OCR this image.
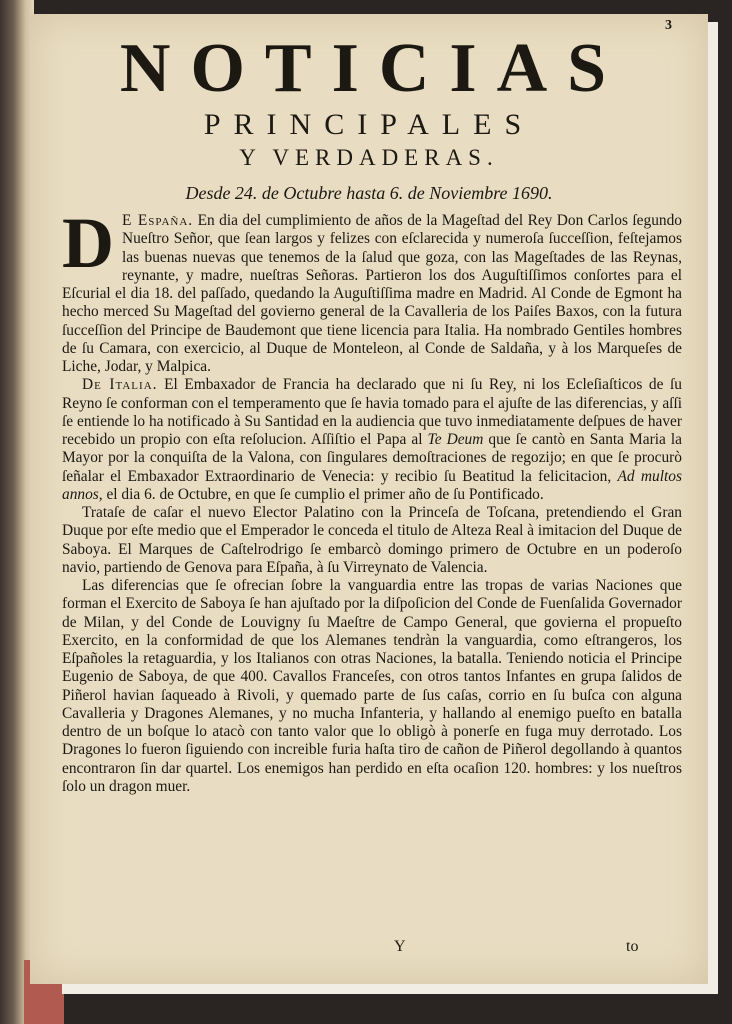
3
NOTICIAS
PRINCIPALES
Y VERDADERAS.
Desde 24. de Octubre hasta 6. de Noviembre 1690.

D E España. En dia del cumplimiento de años de la Mageſtad del Rey Don Carlos ſegundo Nueſtro Señor, que ſean largos y felizes con eſclarecida y numeroſa ſucceſſion, feſtejamos las buenas nuevas que tenemos de la ſalud que goza, con las Mageſtades de las Reynas, reynante, y madre, nueſtras Señoras. Partieron los dos Auguſtiſſimos conſortes para el Eſcurial el dia 18. del paſſado, quedando la Auguſtiſſima madre en Madrid. Al Conde de Egmont ha hecho merced Su Mageſtad del govierno general de la Cavalleria de los Paiſes Baxos, con la futura ſucceſſion del Principe de Baudemont que tiene licencia para Italia. Ha nombrado Gentiles hombres de ſu Camara, con exercicio, al Duque de Monteleon, al Conde de Saldaña, y à los Marqueſes de Liche, Jodar, y Malpica.

De Italia. El Embaxador de Francia ha declarado que ni ſu Rey, ni los Ecleſiaſticos de ſu Reyno ſe conforman con el temperamento que ſe havia tomado para el ajuſte de las diferencias, y aſſi ſe entiende lo ha notificado à Su Santidad en la audiencia que tuvo inmediatamente deſpues de haver recebido un propio con eſta reſolucion. Aſſiſtio el Papa al Te Deum que ſe cantò en Santa Maria la Mayor por la conquiſta de la Valona, con ſingulares demoſtraciones de regozijo; en que ſe procurò ſeñalar el Embaxador Extraordinario de Venecia: y recibio ſu Beatitud la felicitacion, Ad multos annos, el dia 6. de Octubre, en que ſe cumplio el primer año de ſu Pontificado.

Trataſe de caſar el nuevo Elector Palatino con la Princeſa de Toſcana, pretendiendo el Gran Duque por eſte medio que el Emperador le conceda el titulo de Alteza Real à imitacion del Duque de Saboya. El Marques de Caſtelrodrigo ſe embarcò domingo primero de Octubre en un poderoſo navio, partiendo de Genova para Eſpaña, à ſu Virreynato de Valencia.

Las diferencias que ſe ofrecian ſobre la vanguardia entre las tropas de varias Naciones que forman el Exercito de Saboya ſe han ajuſtado por la diſpoſicion del Conde de Fuenſalida Governador de Milan, y del Conde de Louvigny ſu Maeſtre de Campo General, que govierna el propueſto Exercito, en la conformidad de que los Alemanes tendràn la vanguardia, como eſtrangeros, los Eſpañoles la retaguardia, y los Italianos con otras Naciones, la batalla. Teniendo noticia el Principe Eugenio de Saboya, de que 400. Cavallos Franceſes, con otros tantos Infantes en grupa ſalidos de Piñerol havian ſaqueado à Rivoli, y quemado parte de ſus caſas, corrio en ſu buſca con alguna Cavalleria y Dragones Alemanes, y no mucha Infanteria, y hallando al enemigo pueſto en batalla dentro de un boſque lo atacò con tanto valor que lo obligò à ponerſe en fuga muy derrotado. Los Dragones lo fueron ſiguiendo con increible furia haſta tiro de cañon de Piñerol degollando à quantos encontraron ſin dar quartel. Los enemigos han perdido en eſta ocaſion 120. hombres: y los nueſtros ſolo un dragon muer.

Y	to
